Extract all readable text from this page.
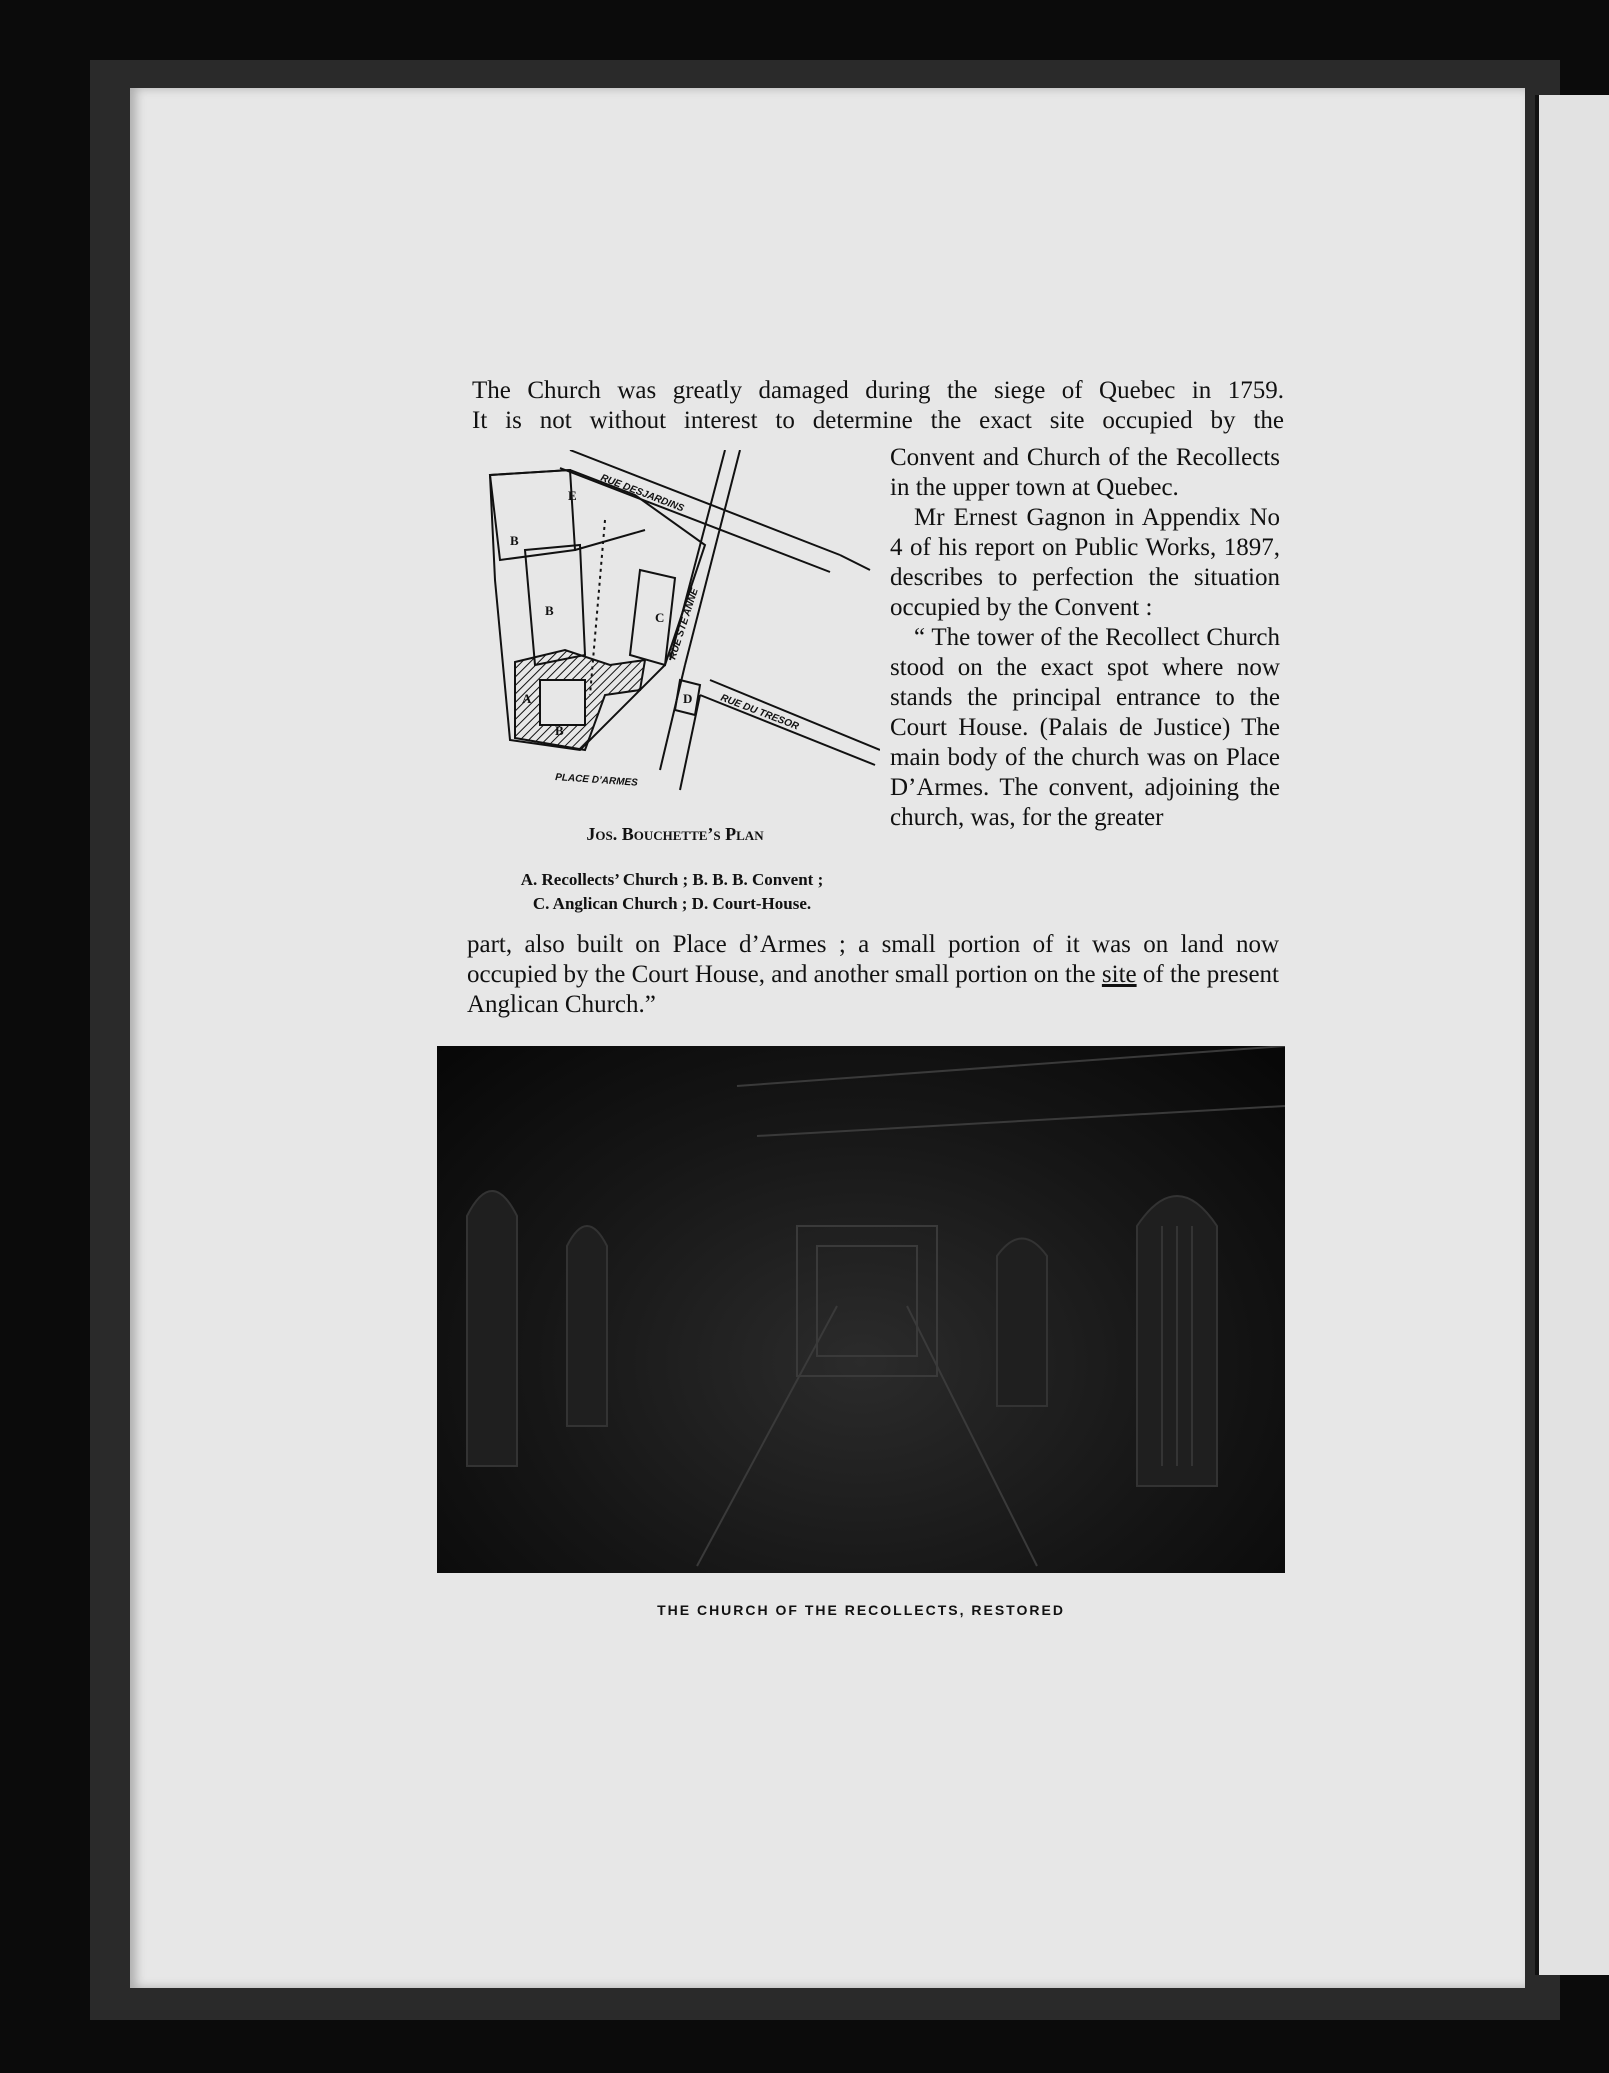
The Church was greatly damaged during the siege of Quebec in 1759.
It is not without interest to determine the exact site occupied by the

Convent and Church of the Recollects in the upper town at Quebec.

Mr Ernest Gagnon in Appendix No 4 of his report on Public Works, 1897, describes to perfection the situation occupied by the Convent :

“ The tower of the Recollect Church stood on the exact spot where now stands the principal entrance to the Court House. (Palais de Justice) The main body of the church was on Place D’Armes. The convent, adjoining the church, was, for the greater

part, also built on Place d’Armes ; a small portion of it was on land now occupied by the Court House, and another small portion on the site of the present Anglican Church.”
E
B
B
A
B
C
D
RUE DESJARDINS
RUE STE ANNE
RUE DU TRESOR
PLACE D’ARMES
Jos. Bouchette’s Plan
A. Recollects’ Church ; B. B. B. Convent ;
C. Anglican Church ; D. Court-House.
THE CHURCH OF THE RECOLLECTS, RESTORED
